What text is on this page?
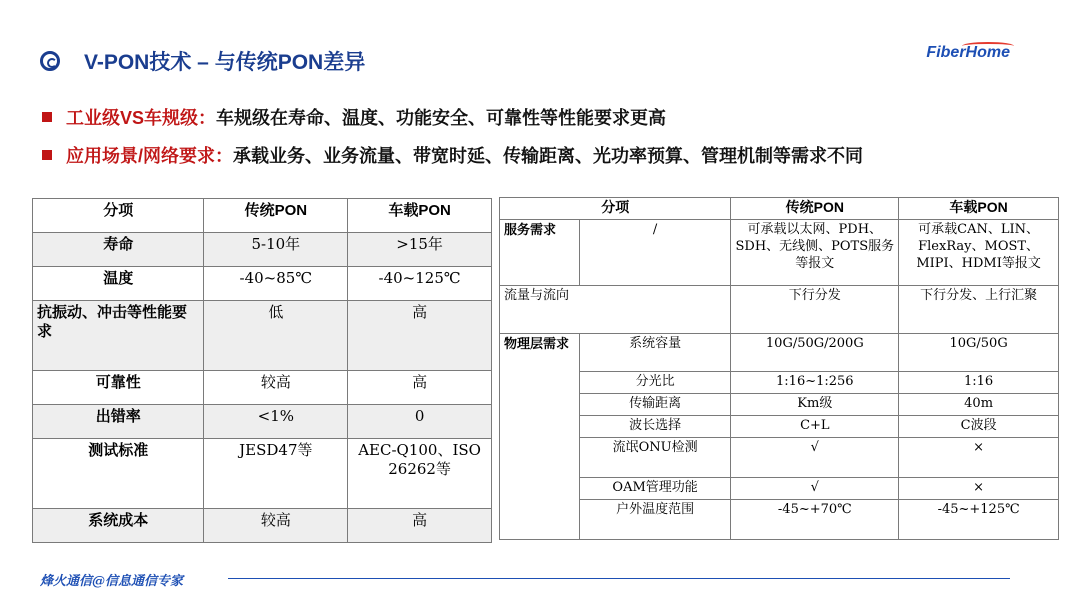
V-PON技术 – 与传统PON差异	FiberHome
工业级VS车规级： 车规级在寿命、温度、功能安全、可靠性等性能要求更高
应用场景/网络要求： 承载业务、业务流量、带宽时延、传输距离、光功率预算、管理机制等需求不同
分项	传统PON	车载PON
寿命	5-10年	>15年
温度	-40~85℃	-40~125℃
抗振动、冲击等性能要求	低	高
可靠性	较高	高
出错率	<1%	0
测试标准	JESD47等	AEC-Q100、ISO 26262等
系统成本	较高	高
分项		传统PON	车载PON
服务需求	/	可承载以太网、PDH、SDH、无线侧、POTS服务等报文	可承载CAN、LIN、FlexRay、MOST、MIPI、HDMI等报文
流量与流向		下行分发	下行分发、上行汇聚
物理层需求	系统容量	10G/50G/200G	10G/50G
	分光比	1:16~1:256	1:16
	传输距离	Km级	40m
	波长选择	C+L	C波段
	流氓ONU检测	√	×
	OAM管理功能	√	×
	户外温度范围	-45~+70℃	-45~+125℃
烽火通信@信息通信专家
